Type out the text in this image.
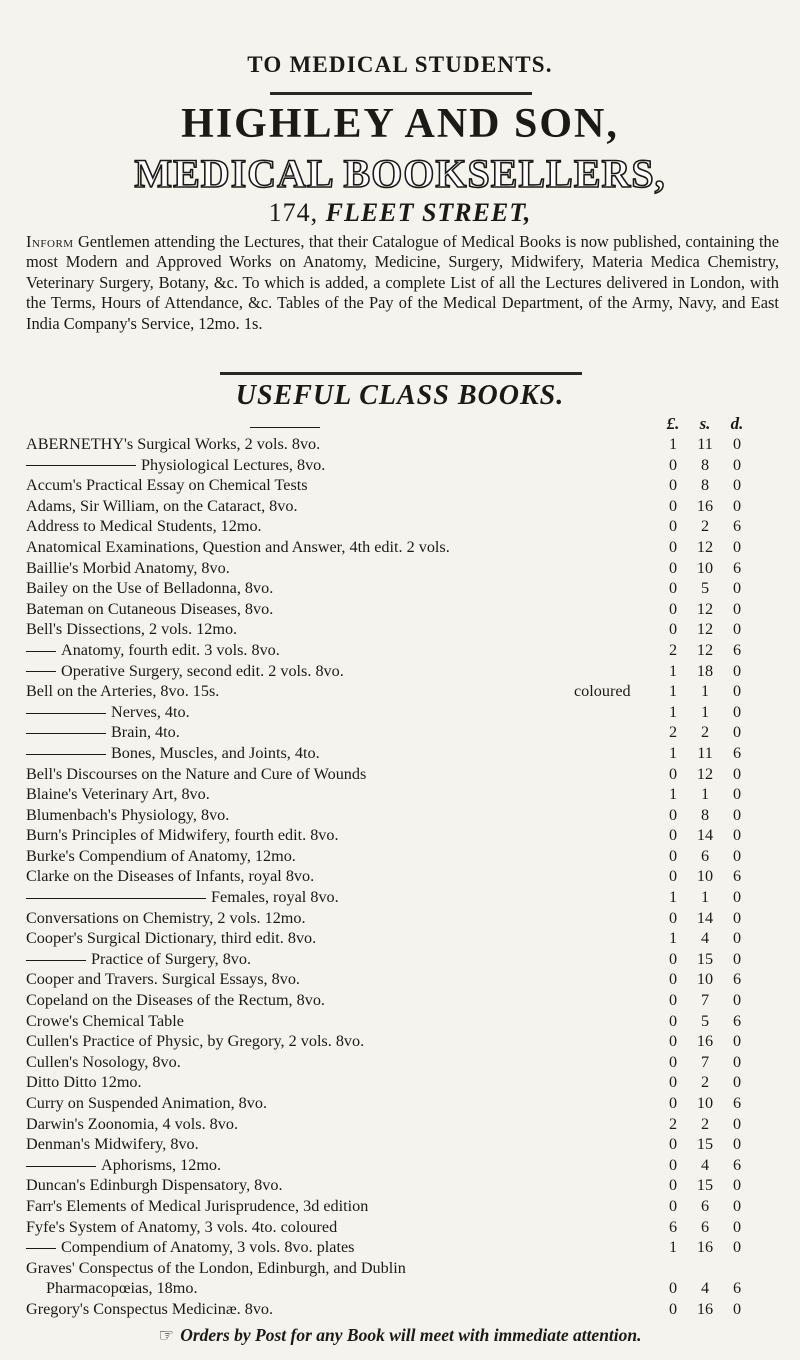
TO MEDICAL STUDENTS.
HIGHLEY AND SON,
MEDICAL BOOKSELLERS,
174, FLEET STREET,
Inform Gentlemen attending the Lectures, that their Catalogue of Medical Books is now published, containing the most Modern and Approved Works on Anatomy, Medicine, Surgery, Midwifery, Materia Medica Chemistry, Veterinary Surgery, Botany, &c. To which is added, a complete List of all the Lectures delivered in London, with the Terms, Hours of Attendance, &c. Tables of the Pay of the Medical Department, of the Army, Navy, and East India Company's Service, 12mo. 1s.
USEFUL CLASS BOOKS.
£.	s.	d.
ABERNETHY's Surgical Works, 2 vols. 8vo.	1	11	0
Physiological Lectures, 8vo.	0	8	0
Accum's Practical Essay on Chemical Tests	0	8	0
Adams, Sir William, on the Cataract, 8vo.	0	16	0
Address to Medical Students, 12mo.	0	2	6
Anatomical Examinations, Question and Answer, 4th edit. 2 vols.	0	12	0
Baillie's Morbid Anatomy, 8vo.	0	10	6
Bailey on the Use of Belladonna, 8vo.	0	5	0
Bateman on Cutaneous Diseases, 8vo.	0	12	0
Bell's Dissections, 2 vols. 12mo.	0	12	0
Anatomy, fourth edit. 3 vols. 8vo.	2	12	6
Operative Surgery, second edit. 2 vols. 8vo.	1	18	0
Bell on the Arteries, 8vo. 15s.	coloured	1	1	0
Nerves, 4to.	1	1	0
Brain, 4to.	2	2	0
Bones, Muscles, and Joints, 4to.	1	11	6
Bell's Discourses on the Nature and Cure of Wounds	0	12	0
Blaine's Veterinary Art, 8vo.	1	1	0
Blumenbach's Physiology, 8vo.	0	8	0
Burn's Principles of Midwifery, fourth edit. 8vo.	0	14	0
Burke's Compendium of Anatomy, 12mo.	0	6	0
Clarke on the Diseases of Infants, royal 8vo.	0	10	6
Females, royal 8vo.	1	1	0
Conversations on Chemistry, 2 vols. 12mo.	0	14	0
Cooper's Surgical Dictionary, third edit. 8vo.	1	4	0
Practice of Surgery, 8vo.	0	15	0
Cooper and Travers. Surgical Essays, 8vo.	0	10	6
Copeland on the Diseases of the Rectum, 8vo.	0	7	0
Crowe's Chemical Table	0	5	6
Cullen's Practice of Physic, by Gregory, 2 vols. 8vo.	0	16	0
Cullen's Nosology, 8vo.	0	7	0
Ditto Ditto 12mo.	0	2	0
Curry on Suspended Animation, 8vo.	0	10	6
Darwin's Zoonomia, 4 vols. 8vo.	2	2	0
Denman's Midwifery, 8vo.	0	15	0
Aphorisms, 12mo.	0	4	6
Duncan's Edinburgh Dispensatory, 8vo.	0	15	0
Farr's Elements of Medical Jurisprudence, 3d edition	0	6	0
Fyfe's System of Anatomy, 3 vols. 4to. coloured	6	6	0
Compendium of Anatomy, 3 vols. 8vo. plates	1	16	0
Graves' Conspectus of the London, Edinburgh, and Dublin
Pharmacopœias, 18mo.	0	4	6
Gregory's Conspectus Medicinæ. 8vo.	0	16	0
☞ Orders by Post for any Book will meet with immediate attention.
